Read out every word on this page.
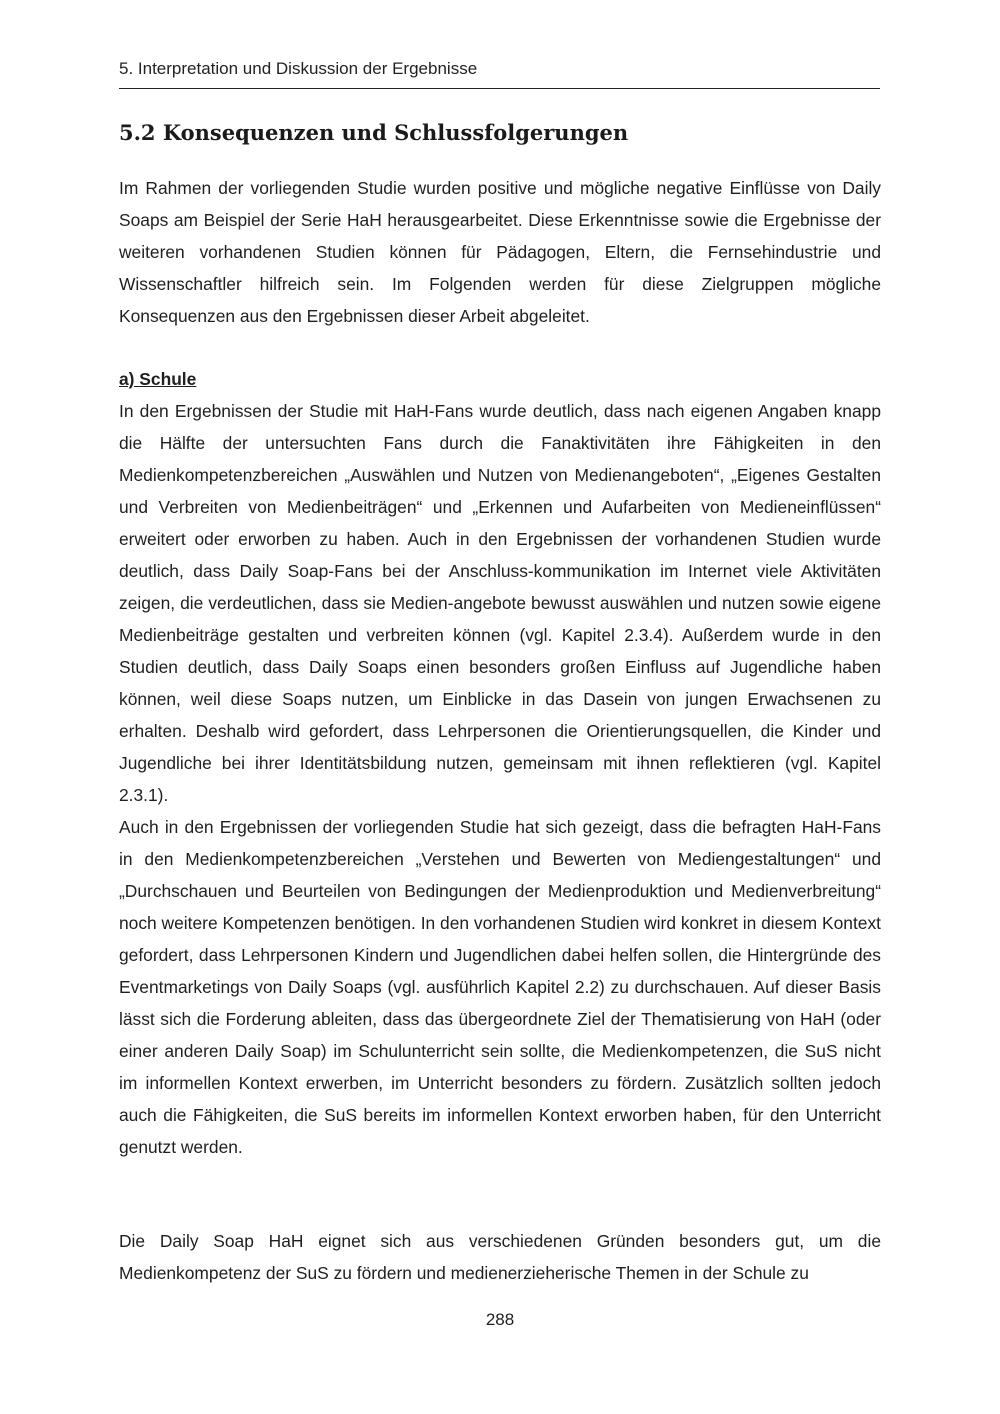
5. Interpretation und Diskussion der Ergebnisse
5.2 Konsequenzen und Schlussfolgerungen

Im Rahmen der vorliegenden Studie wurden positive und mögliche negative Einflüsse von Daily Soaps am Beispiel der Serie HaH herausgearbeitet. Diese Erkenntnisse sowie die Ergebnisse der weiteren vorhandenen Studien können für Pädagogen, Eltern, die Fernsehindustrie und Wissenschaftler hilfreich sein. Im Folgenden werden für diese Zielgruppen mögliche Konsequenzen aus den Ergebnissen dieser Arbeit abgeleitet.

a) Schule

In den Ergebnissen der Studie mit HaH-Fans wurde deutlich, dass nach eigenen Angaben knapp die Hälfte der untersuchten Fans durch die Fanaktivitäten ihre Fähigkeiten in den Medienkompetenzbereichen „Auswählen und Nutzen von Medienangeboten“, „Eigenes Gestalten und Verbreiten von Medienbeiträgen“ und „Erkennen und Aufarbeiten von Medieneinflüssen“ erweitert oder erworben zu haben. Auch in den Ergebnissen der vorhandenen Studien wurde deutlich, dass Daily Soap-Fans bei der Anschluss-kommunikation im Internet viele Aktivitäten zeigen, die verdeutlichen, dass sie Medien-angebote bewusst auswählen und nutzen sowie eigene Medienbeiträge gestalten und verbreiten können (vgl. Kapitel 2.3.4). Außerdem wurde in den Studien deutlich, dass Daily Soaps einen besonders großen Einfluss auf Jugendliche haben können, weil diese Soaps nutzen, um Einblicke in das Dasein von jungen Erwachsenen zu erhalten. Deshalb wird gefordert, dass Lehrpersonen die Orientierungsquellen, die Kinder und Jugendliche bei ihrer Identitätsbildung nutzen, gemeinsam mit ihnen reflektieren (vgl. Kapitel 2.3.1).

Auch in den Ergebnissen der vorliegenden Studie hat sich gezeigt, dass die befragten HaH-Fans in den Medienkompetenzbereichen „Verstehen und Bewerten von Mediengestaltungen“ und „Durchschauen und Beurteilen von Bedingungen der Medienproduktion und Medienverbreitung“ noch weitere Kompetenzen benötigen. In den vorhandenen Studien wird konkret in diesem Kontext gefordert, dass Lehrpersonen Kindern und Jugendlichen dabei helfen sollen, die Hintergründe des Eventmarketings von Daily Soaps (vgl. ausführlich Kapitel 2.2) zu durchschauen. Auf dieser Basis lässt sich die Forderung ableiten, dass das übergeordnete Ziel der Thematisierung von HaH (oder einer anderen Daily Soap) im Schulunterricht sein sollte, die Medienkompetenzen, die SuS nicht im informellen Kontext erwerben, im Unterricht besonders zu fördern. Zusätzlich sollten jedoch auch die Fähigkeiten, die SuS bereits im informellen Kontext erworben haben, für den Unterricht genutzt werden.

Die Daily Soap HaH eignet sich aus verschiedenen Gründen besonders gut, um die Medienkompetenz der SuS zu fördern und medienerzieherische Themen in der Schule zu

288
